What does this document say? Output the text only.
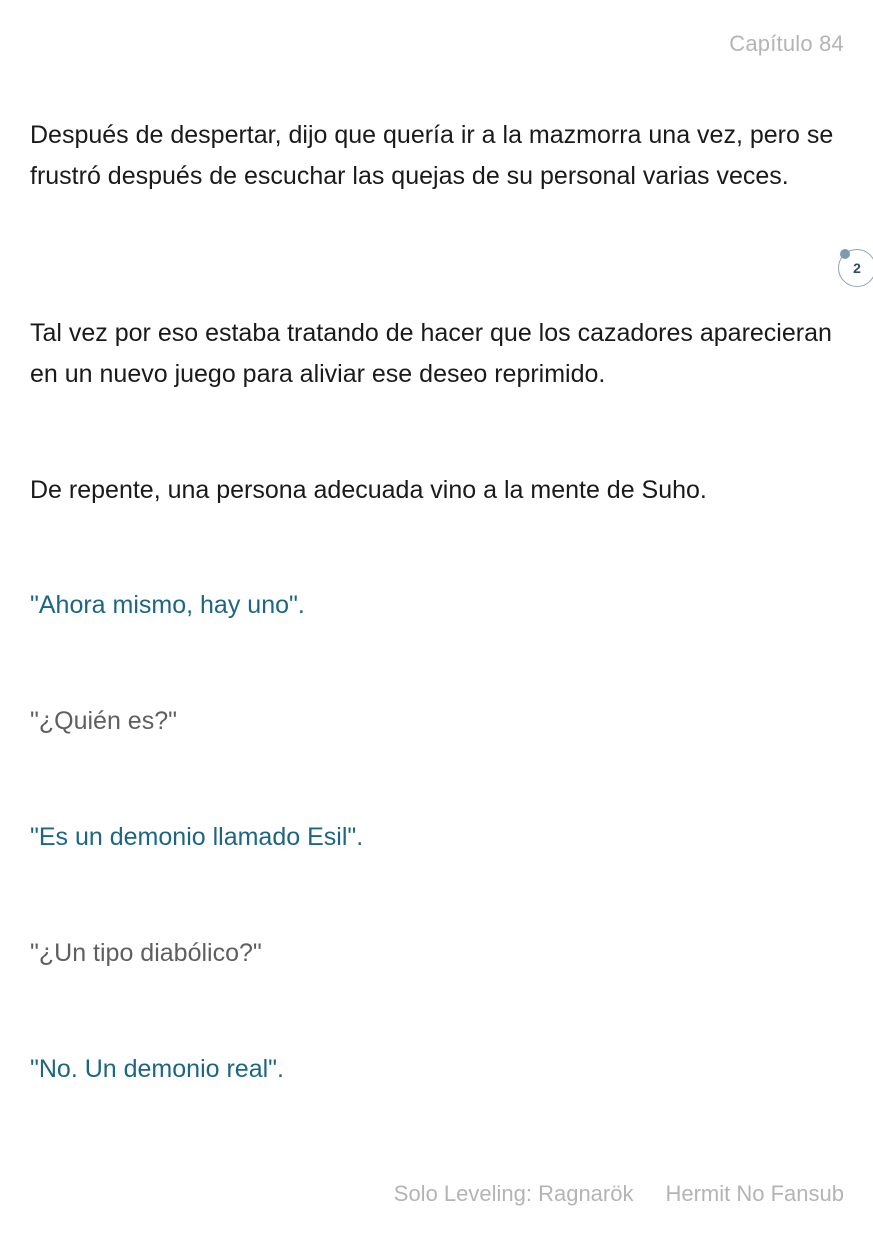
Capítulo 84

Después de despertar, dijo que quería ir a la mazmorra una vez, pero se frustró después de escuchar las quejas de su personal varias veces.

Tal vez por eso estaba tratando de hacer que los cazadores aparecieran en un nuevo juego para aliviar ese deseo reprimido.

De repente, una persona adecuada vino a la mente de Suho.

"Ahora mismo, hay uno".

"¿Quién es?"

"Es un demonio llamado Esil".

"¿Un tipo diabólico?"

"No. Un demonio real".

2
Solo Leveling: Ragnarök Hermit No Fansub
